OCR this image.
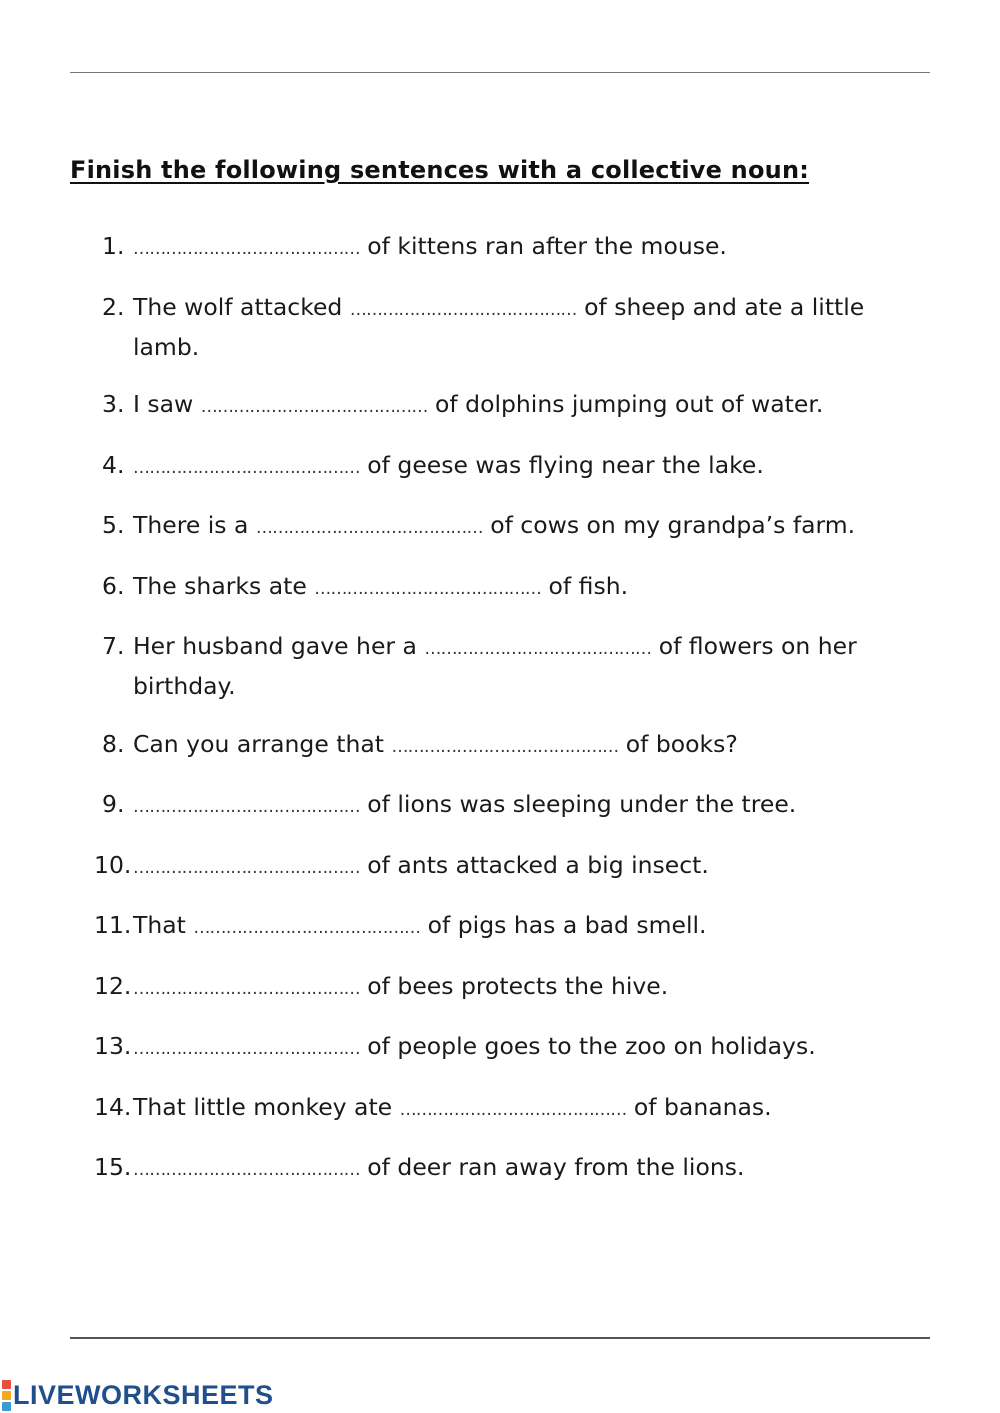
Finish the following sentences with a collective noun:
1. …………………………………… of kittens ran after the mouse.
2. The wolf attacked …………………………………… of sheep and ate a little lamb.
3. I saw …………………………………… of dolphins jumping out of water.
4. …………………………………… of geese was flying near the lake.
5. There is a …………………………………… of cows on my grandpa’s farm.
6. The sharks ate …………………………………… of fish.
7. Her husband gave her a …………………………………… of flowers on her birthday.
8. Can you arrange that …………………………………… of books?
9. …………………………………… of lions was sleeping under the tree.
10. …………………………………… of ants attacked a big insect.
11. That …………………………………… of pigs has a bad smell.
12. …………………………………… of bees protects the hive.
13. …………………………………… of people goes to the zoo on holidays.
14. That little monkey ate …………………………………… of bananas.
15. …………………………………… of deer ran away from the lions.
LIVEWORKSHEETS
